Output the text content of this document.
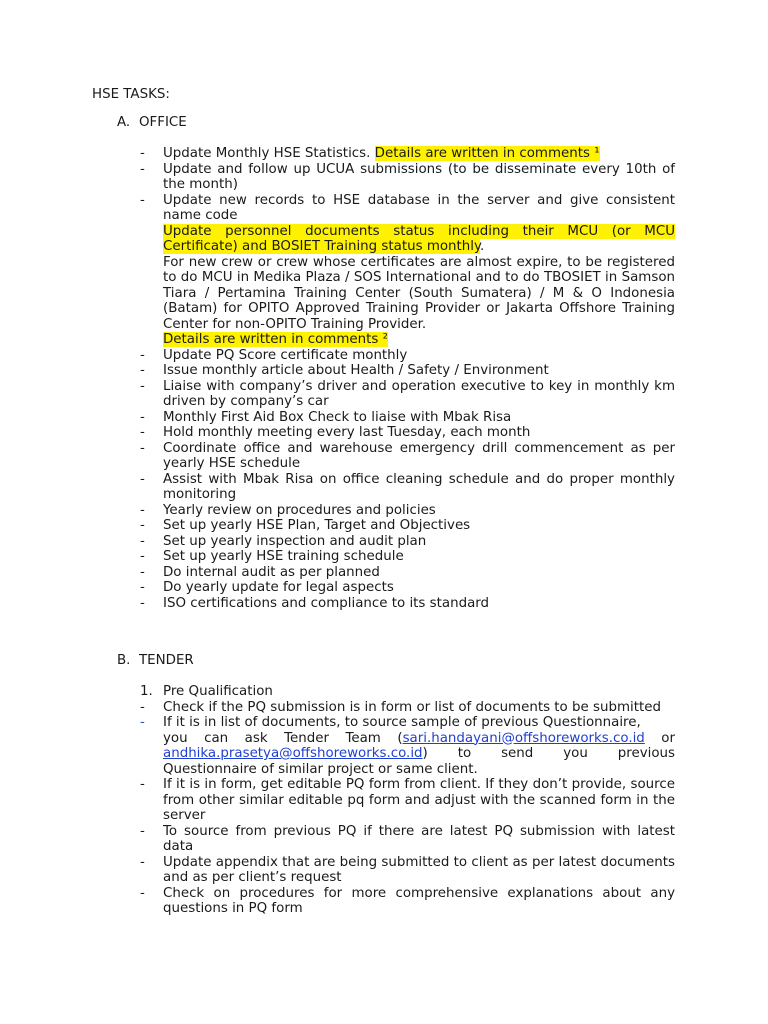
HSE TASKS:
A. OFFICE
- Update Monthly HSE Statistics. Details are written in comments ¹
- Update and follow up UCUA submissions (to be disseminate every 10th of the month)
- Update new records to HSE database in the server and give consistent name code
Update personnel documents status including their MCU (or MCU Certificate) and BOSIET Training status monthly.
For new crew or crew whose certificates are almost expire, to be registered to do MCU in Medika Plaza / SOS International and to do TBOSIET in Samson Tiara / Pertamina Training Center (South Sumatera) / M & O Indonesia (Batam) for OPITO Approved Training Provider or Jakarta Offshore Training Center for non-OPITO Training Provider.
Details are written in comments ²
- Update PQ Score certificate monthly
- Issue monthly article about Health / Safety / Environment
- Liaise with company’s driver and operation executive to key in monthly km driven by company’s car
- Monthly First Aid Box Check to liaise with Mbak Risa
- Hold monthly meeting every last Tuesday, each month
- Coordinate office and warehouse emergency drill commencement as per yearly HSE schedule
- Assist with Mbak Risa on office cleaning schedule and do proper monthly monitoring
- Yearly review on procedures and policies
- Set up yearly HSE Plan, Target and Objectives
- Set up yearly inspection and audit plan
- Set up yearly HSE training schedule
- Do internal audit as per planned
- Do yearly update for legal aspects
- ISO certifications and compliance to its standard
B. TENDER
1. Pre Qualification
- Check if the PQ submission is in form or list of documents to be submitted
- If it is in list of documents, to source sample of previous Questionnaire,
you can ask Tender Team (sari.handayani@offshoreworks.co.id or
andhika.prasetya@offshoreworks.co.id) to send you previous
Questionnaire of similar project or same client.
- If it is in form, get editable PQ form from client. If they don’t provide, source from other similar editable pq form and adjust with the scanned form in the server
- To source from previous PQ if there are latest PQ submission with latest data
- Update appendix that are being submitted to client as per latest documents and as per client’s request
- Check on procedures for more comprehensive explanations about any questions in PQ form
